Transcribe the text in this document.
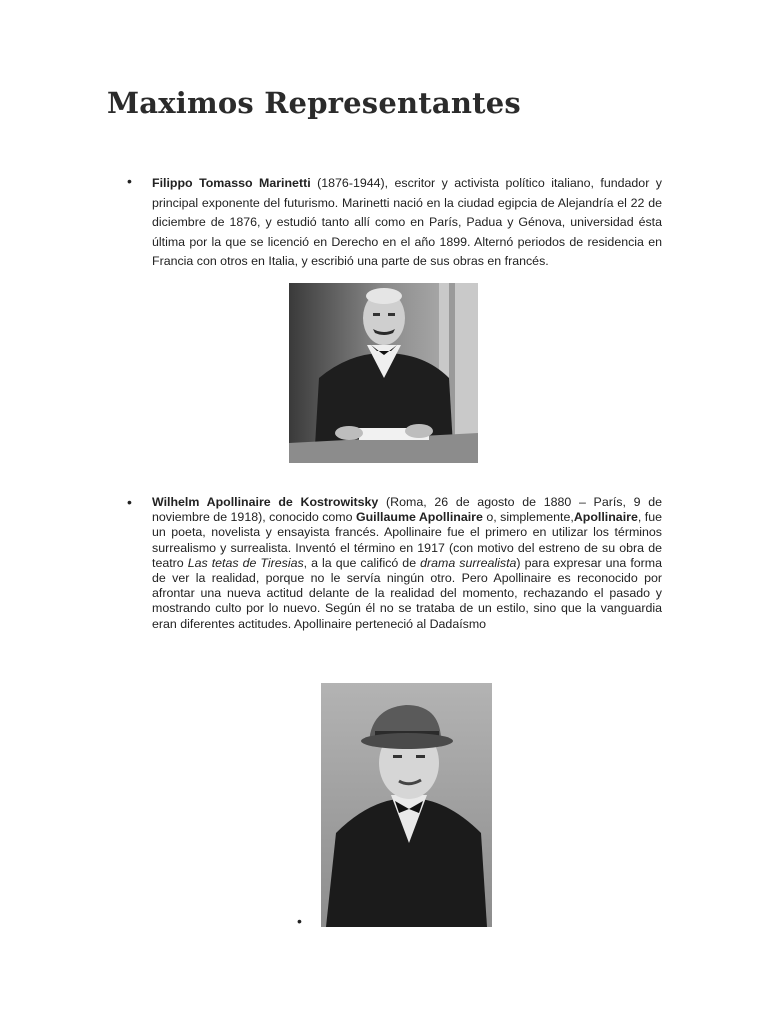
Maximos Representantes
• Filippo Tomasso Marinetti (1876-1944), escritor y activista político italiano, fundador y principal exponente del futurismo. Marinetti nació en la ciudad egipcia de Alejandría el 22 de diciembre de 1876, y estudió tanto allí como en París, Padua y Génova, universidad ésta última por la que se licenció en Derecho en el año 1899. Alternó periodos de residencia en Francia con otros en Italia, y escribió una parte de sus obras en francés.

• Wilhelm Apollinaire de Kostrowitsky (Roma, 26 de agosto de 1880 – París, 9 de noviembre de 1918), conocido como Guillaume Apollinaire o, simplemente,Apollinaire, fue un poeta, novelista y ensayista francés. Apollinaire fue el primero en utilizar los términos surrealismo y surrealista. Inventó el término en 1917 (con motivo del estreno de su obra de teatro Las tetas de Tiresias, a la que calificó de drama surrealista) para expresar una forma de ver la realidad, porque no le servía ningún otro. Pero Apollinaire es reconocido por afrontar una nueva actitud delante de la realidad del momento, rechazando el pasado y mostrando culto por lo nuevo. Según él no se trataba de un estilo, sino que la vanguardia eran diferentes actitudes. Apollinaire perteneció al Dadaísmo

•
